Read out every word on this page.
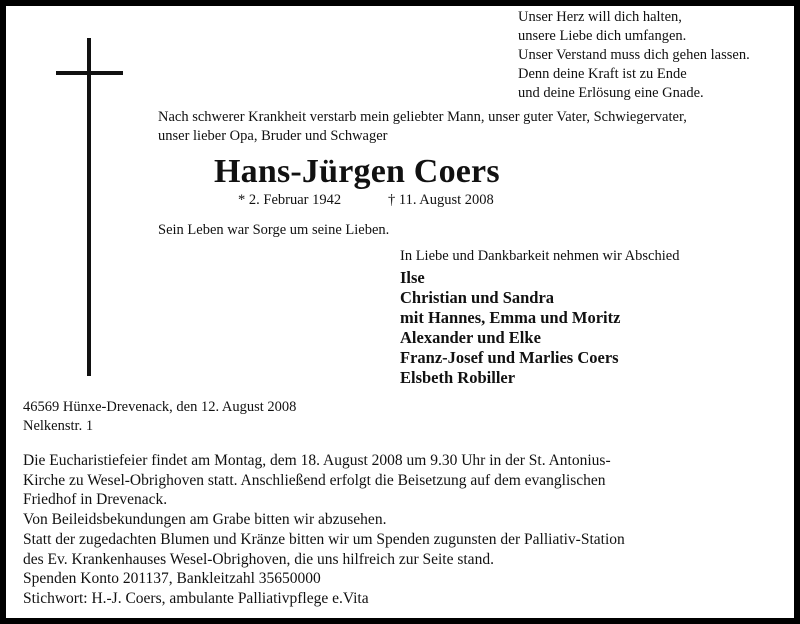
Unser Herz will dich halten,
unsere Liebe dich umfangen.
Unser Verstand muss dich gehen lassen.
Denn deine Kraft ist zu Ende
und deine Erlösung eine Gnade.
Nach schwerer Krankheit verstarb mein geliebter Mann, unser guter Vater, Schwiegervater,
unser lieber Opa, Bruder und Schwager
Hans-Jürgen Coers
* 2. Februar 1942	† 11. August 2008
Sein Leben war Sorge um seine Lieben.
In Liebe und Dankbarkeit nehmen wir Abschied
Ilse
Christian und Sandra
mit Hannes, Emma und Moritz
Alexander und Elke
Franz-Josef und Marlies Coers
Elsbeth Robiller
46569 Hünxe-Drevenack, den 12. August 2008
Nelkenstr. 1
Die Eucharistiefeier findet am Montag, dem 18. August 2008 um 9.30 Uhr in der St. Antonius-
Kirche zu Wesel-Obrighoven statt. Anschließend erfolgt die Beisetzung auf dem evanglischen
Friedhof in Drevenack.
Von Beileidsbekundungen am Grabe bitten wir abzusehen.
Statt der zugedachten Blumen und Kränze bitten wir um Spenden zugunsten der Palliativ-Station
des Ev. Krankenhauses Wesel-Obrighoven, die uns hilfreich zur Seite stand.
Spenden Konto 201137, Bankleitzahl 35650000
Stichwort: H.-J. Coers, ambulante Palliativpflege e.Vita
